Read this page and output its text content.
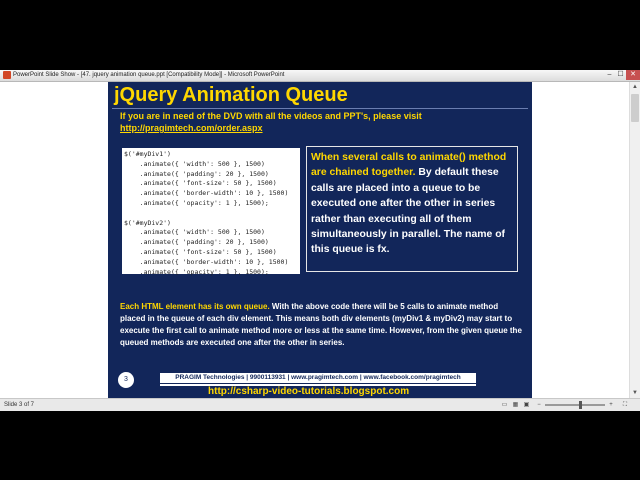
PowerPoint Slide Show - [47. jquery animation queue.ppt [Compatibility Mode]] - Microsoft PowerPoint	– ☐ ✕
jQuery Animation Queue
If you are in need of the DVD with all the videos and PPT's, please visit
http://pragimtech.com/order.aspx
$('#myDiv1')
.animate({ 'width': 500 }, 1500)
.animate({ 'padding': 20 }, 1500)
.animate({ 'font-size': 50 }, 1500)
.animate({ 'border-width': 10 }, 1500)
.animate({ 'opacity': 1 }, 1500);

$('#myDiv2')
.animate({ 'width': 500 }, 1500)
.animate({ 'padding': 20 }, 1500)
.animate({ 'font-size': 50 }, 1500)
.animate({ 'border-width': 10 }, 1500)
.animate({ 'opacity': 1 }, 1500);
When several calls to animate() method are chained together. By default these calls are placed into a queue to be executed one after the other in series rather than executing all of them simultaneously in parallel. The name of this queue is fx.
Each HTML element has its own queue. With the above code there will be 5 calls to animate method placed in the queue of each div element. This means both div elements (myDiv1 & myDiv2) may start to execute the first call to animate method more or less at the same time. However, from the given queue the queued methods are executed one after the other in series.
3	PRAGIM Technologies | 9900113931 | www.pragimtech.com | www.facebook.com/pragimtech
http://csharp-video-tutorials.blogspot.com
▲
▼
Slide 3 of 7	▭ ▦ ▣	−	+	⛶
